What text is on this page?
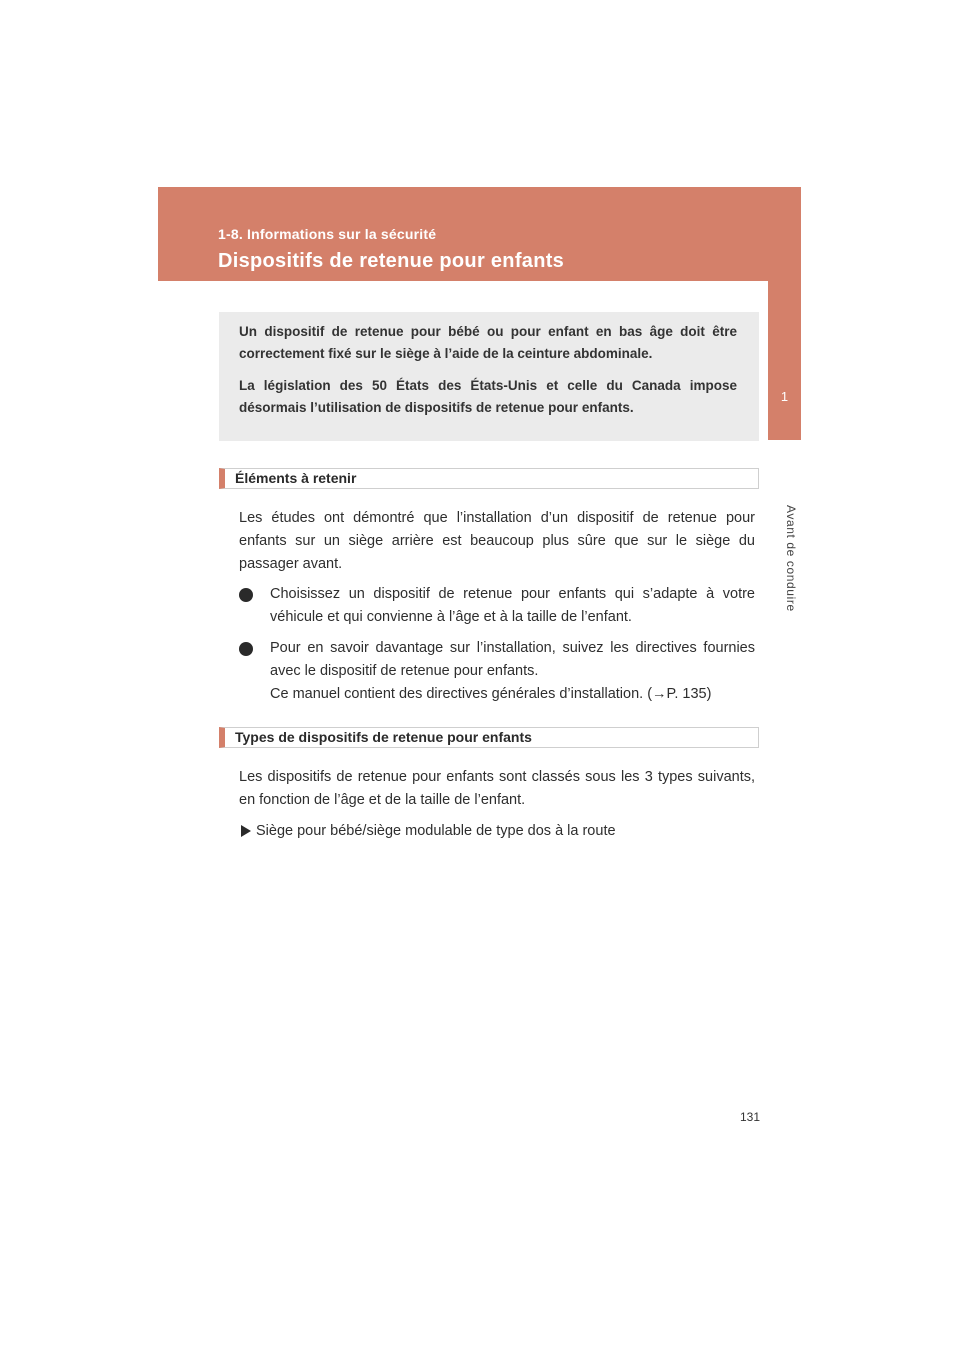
1-8. Informations sur la sécurité
Dispositifs de retenue pour enfants
1
Avant de conduire

Un dispositif de retenue pour bébé ou pour enfant en bas âge doit être correctement fixé sur le siège à l’aide de la ceinture abdominale.

La législation des 50 États des États-Unis et celle du Canada impose désormais l’utilisation de dispositifs de retenue pour enfants.

Éléments à retenir

Les études ont démontré que l’installation d’un dispositif de retenue pour enfants sur un siège arrière est beaucoup plus sûre que sur le siège du passager avant.

Choisissez un dispositif de retenue pour enfants qui s’adapte à votre véhicule et qui convienne à l’âge et à la taille de l’enfant.

Pour en savoir davantage sur l’installation, suivez les directives fournies avec le dispositif de retenue pour enfants.

Ce manuel contient des directives générales d’installation. (→P. 135)

Types de dispositifs de retenue pour enfants

Les dispositifs de retenue pour enfants sont classés sous les 3 types suivants, en fonction de l’âge et de la taille de l’enfant.

Siège pour bébé/siège modulable de type dos à la route
131
